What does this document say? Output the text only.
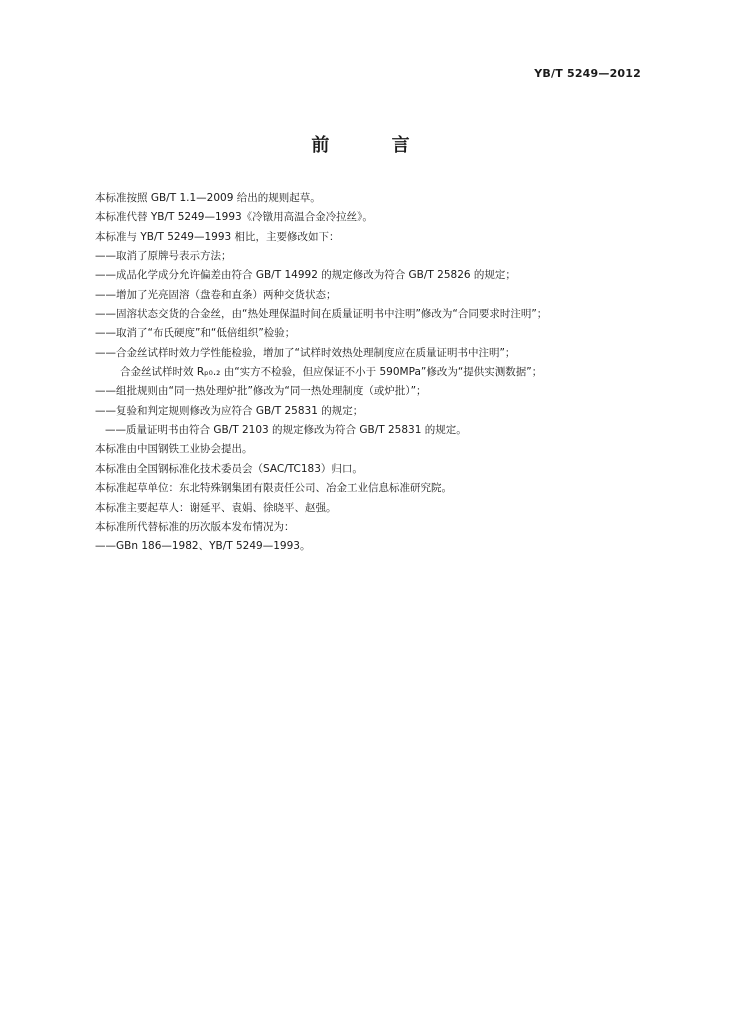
YB/T 5249—2012
前 言
本标准按照 GB/T 1.1—2009 给出的规则起草。
本标准代替 YB/T 5249—1993《冷镦用高温合金冷拉丝》。
本标准与 YB/T 5249—1993 相比，主要修改如下：
——取消了原牌号表示方法；
——成品化学成分允许偏差由符合 GB/T 14992 的规定修改为符合 GB/T 25826 的规定；
——增加了光亮固溶（盘卷和直条）两种交货状态；
——固溶状态交货的合金丝，由“热处理保温时间在质量证明书中注明”修改为“合同要求时注明”；
——取消了“布氏硬度”和“低倍组织”检验；
——合金丝试样时效力学性能检验，增加了“试样时效热处理制度应在质量证明书中注明”；
合金丝试样时效 Rₚ₀.₂ 由“实方不检验，但应保证不小于 590MPa”修改为“提供实测数据”；
——组批规则由“同一热处理炉批”修改为“同一热处理制度（或炉批）”；
——复验和判定规则修改为应符合 GB/T 25831 的规定；
——质量证明书由符合 GB/T 2103 的规定修改为符合 GB/T 25831 的规定。
本标准由中国钢铁工业协会提出。
本标准由全国钢标准化技术委员会（SAC/TC183）归口。
本标准起草单位：东北特殊钢集团有限责任公司、冶金工业信息标准研究院。
本标准主要起草人：谢延平、袁娟、徐晓平、赵强。
本标准所代替标准的历次版本发布情况为：
——GBn 186—1982、YB/T 5249—1993。
